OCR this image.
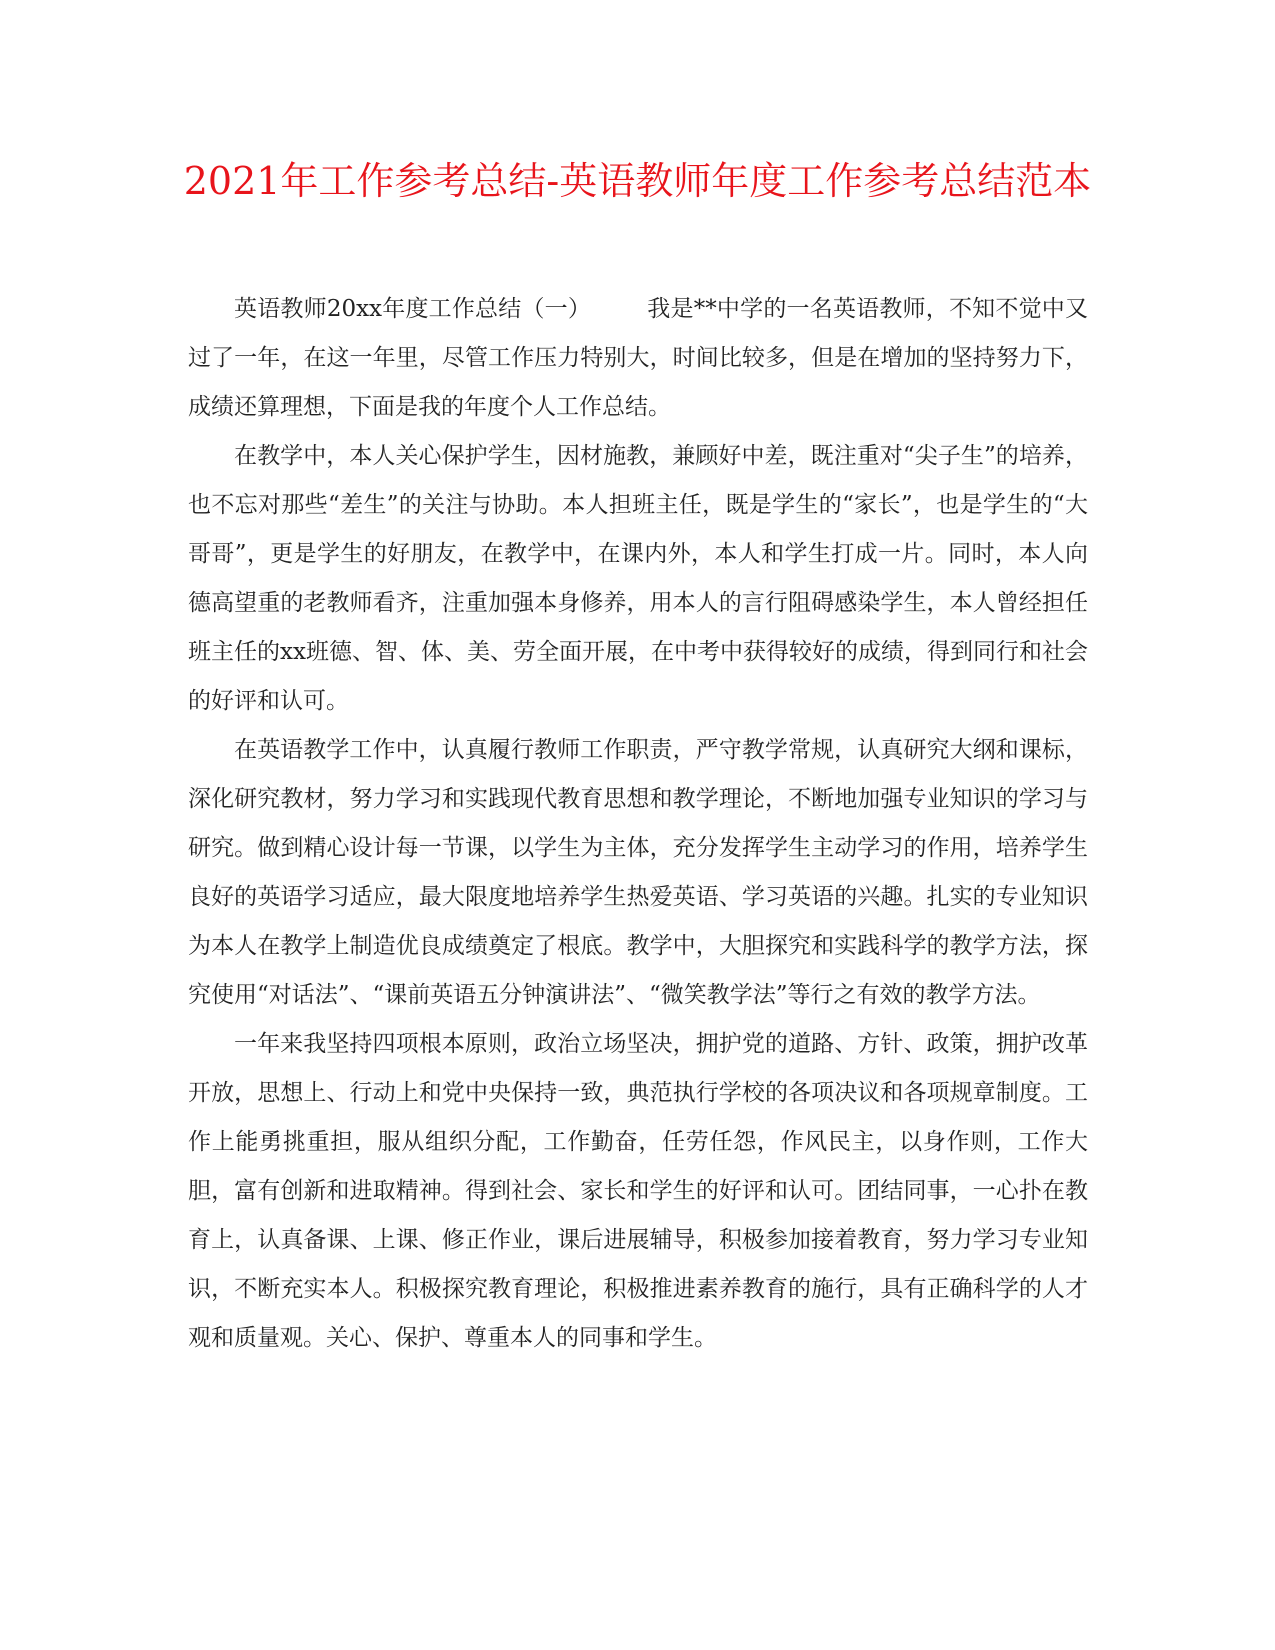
2021年工作参考总结-英语教师年度工作参考总结范本

英语教师20xx年度工作总结（一） 我是**中学的一名英语教师，不知不觉中又过了一年，在这一年里，尽管工作压力特别大，时间比较多，但是在增加的坚持努力下，成绩还算理想，下面是我的年度个人工作总结。

在教学中，本人关心保护学生，因材施教，兼顾好中差，既注重对“尖子生”的培养，也不忘对那些“差生”的关注与协助。本人担班主任，既是学生的“家长”，也是学生的“大哥哥”，更是学生的好朋友，在教学中，在课内外，本人和学生打成一片。同时，本人向德高望重的老教师看齐，注重加强本身修养，用本人的言行阻碍感染学生，本人曾经担任班主任的xx班德、智、体、美、劳全面开展，在中考中获得较好的成绩，得到同行和社会的好评和认可。

在英语教学工作中，认真履行教师工作职责，严守教学常规，认真研究大纲和课标，深化研究教材，努力学习和实践现代教育思想和教学理论，不断地加强专业知识的学习与研究。做到精心设计每一节课，以学生为主体，充分发挥学生主动学习的作用，培养学生良好的英语学习适应，最大限度地培养学生热爱英语、学习英语的兴趣。扎实的专业知识为本人在教学上制造优良成绩奠定了根底。教学中，大胆探究和实践科学的教学方法，探究使用“对话法”、“课前英语五分钟演讲法”、“微笑教学法”等行之有效的教学方法。

一年来我坚持四项根本原则，政治立场坚决，拥护党的道路、方针、政策，拥护改革开放，思想上、行动上和党中央保持一致，典范执行学校的各项决议和各项规章制度。工作上能勇挑重担，服从组织分配，工作勤奋，任劳任怨，作风民主，以身作则，工作大胆，富有创新和进取精神。得到社会、家长和学生的好评和认可。团结同事，一心扑在教育上，认真备课、上课、修正作业，课后进展辅导，积极参加接着教育，努力学习专业知识，不断充实本人。积极探究教育理论，积极推进素养教育的施行，具有正确科学的人才观和质量观。关心、保护、尊重本人的同事和学生。
